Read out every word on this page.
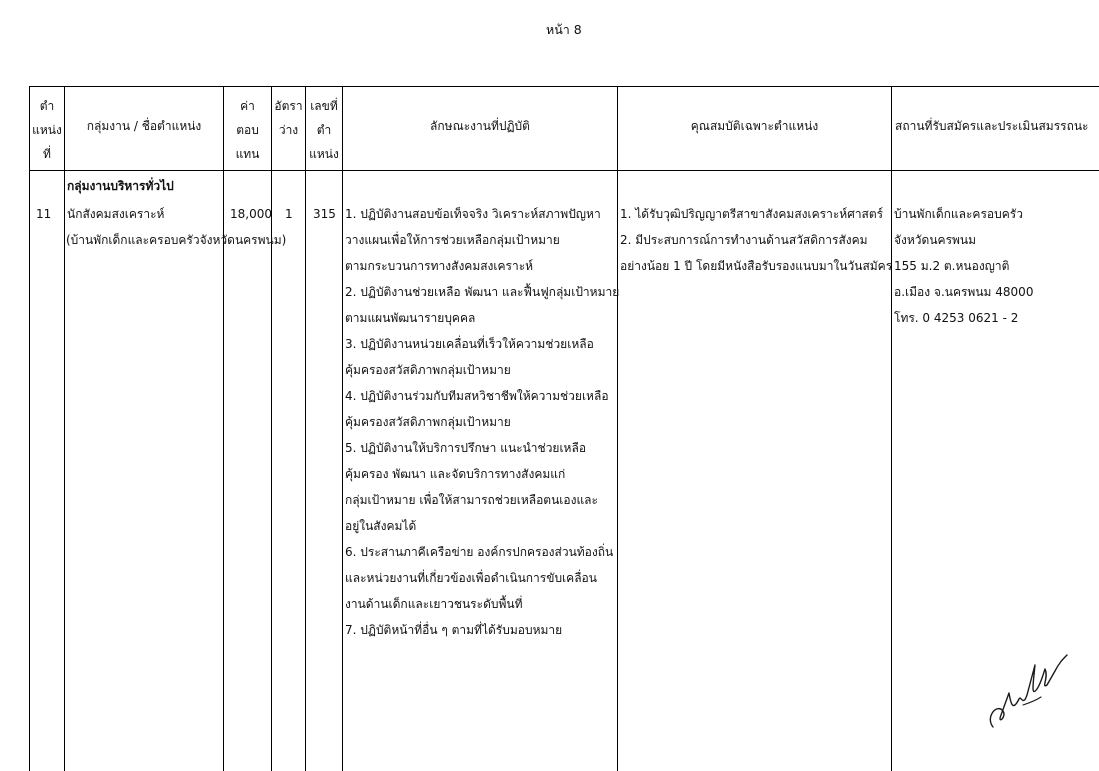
หน้า 8
ตำ
แหน่ง
ที่
กลุ่มงาน / ชื่อตำแหน่ง
ค่า
ตอบ
แทน
อัตรา
ว่าง
เลขที่
ตำ
แหน่ง
ลักษณะงานที่ปฏิบัติ	คุณสมบัติเฉพาะตำแหน่ง	สถานที่รับสมัครและประเมินสมรรถนะ
กลุ่มงานบริหารทั่วไป
11 นักสังคมสงเคราะห์
(บ้านพักเด็กและครอบครัวจังหวัดนครพนม)
18,000 1 315 1. ปฏิบัติงานสอบข้อเท็จจริง วิเคราะห์สภาพปัญหา
วางแผนเพื่อให้การช่วยเหลือกลุ่มเป้าหมาย
ตามกระบวนการทางสังคมสงเคราะห์
2. ปฏิบัติงานช่วยเหลือ พัฒนา และฟื้นฟูกลุ่มเป้าหมาย
ตามแผนพัฒนารายบุคคล
3. ปฏิบัติงานหน่วยเคลื่อนที่เร็วให้ความช่วยเหลือ
คุ้มครองสวัสดิภาพกลุ่มเป้าหมาย
4. ปฏิบัติงานร่วมกับทีมสหวิชาชีพให้ความช่วยเหลือ
คุ้มครองสวัสดิภาพกลุ่มเป้าหมาย
5. ปฏิบัติงานให้บริการปรึกษา แนะนำช่วยเหลือ
คุ้มครอง พัฒนา และจัดบริการทางสังคมแก่
กลุ่มเป้าหมาย เพื่อให้สามารถช่วยเหลือตนเองและ
อยู่ในสังคมได้
6. ประสานภาคีเครือข่าย องค์กรปกครองส่วนท้องถิ่น
และหน่วยงานที่เกี่ยวข้องเพื่อดำเนินการขับเคลื่อน
งานด้านเด็กและเยาวชนระดับพื้นที่
7. ปฏิบัติหน้าที่อื่น ๆ ตามที่ได้รับมอบหมาย
1. ได้รับวุฒิปริญญาตรีสาขาสังคมสงเคราะห์ศาสตร์
2. มีประสบการณ์การทำงานด้านสวัสดิการสังคม
อย่างน้อย 1 ปี โดยมีหนังสือรับรองแนบมาในวันสมัคร
บ้านพักเด็กและครอบครัว
จังหวัดนครพนม
155 ม.2 ต.หนองญาติ
อ.เมือง จ.นครพนม 48000
โทร. 0 4253 0621 - 2
